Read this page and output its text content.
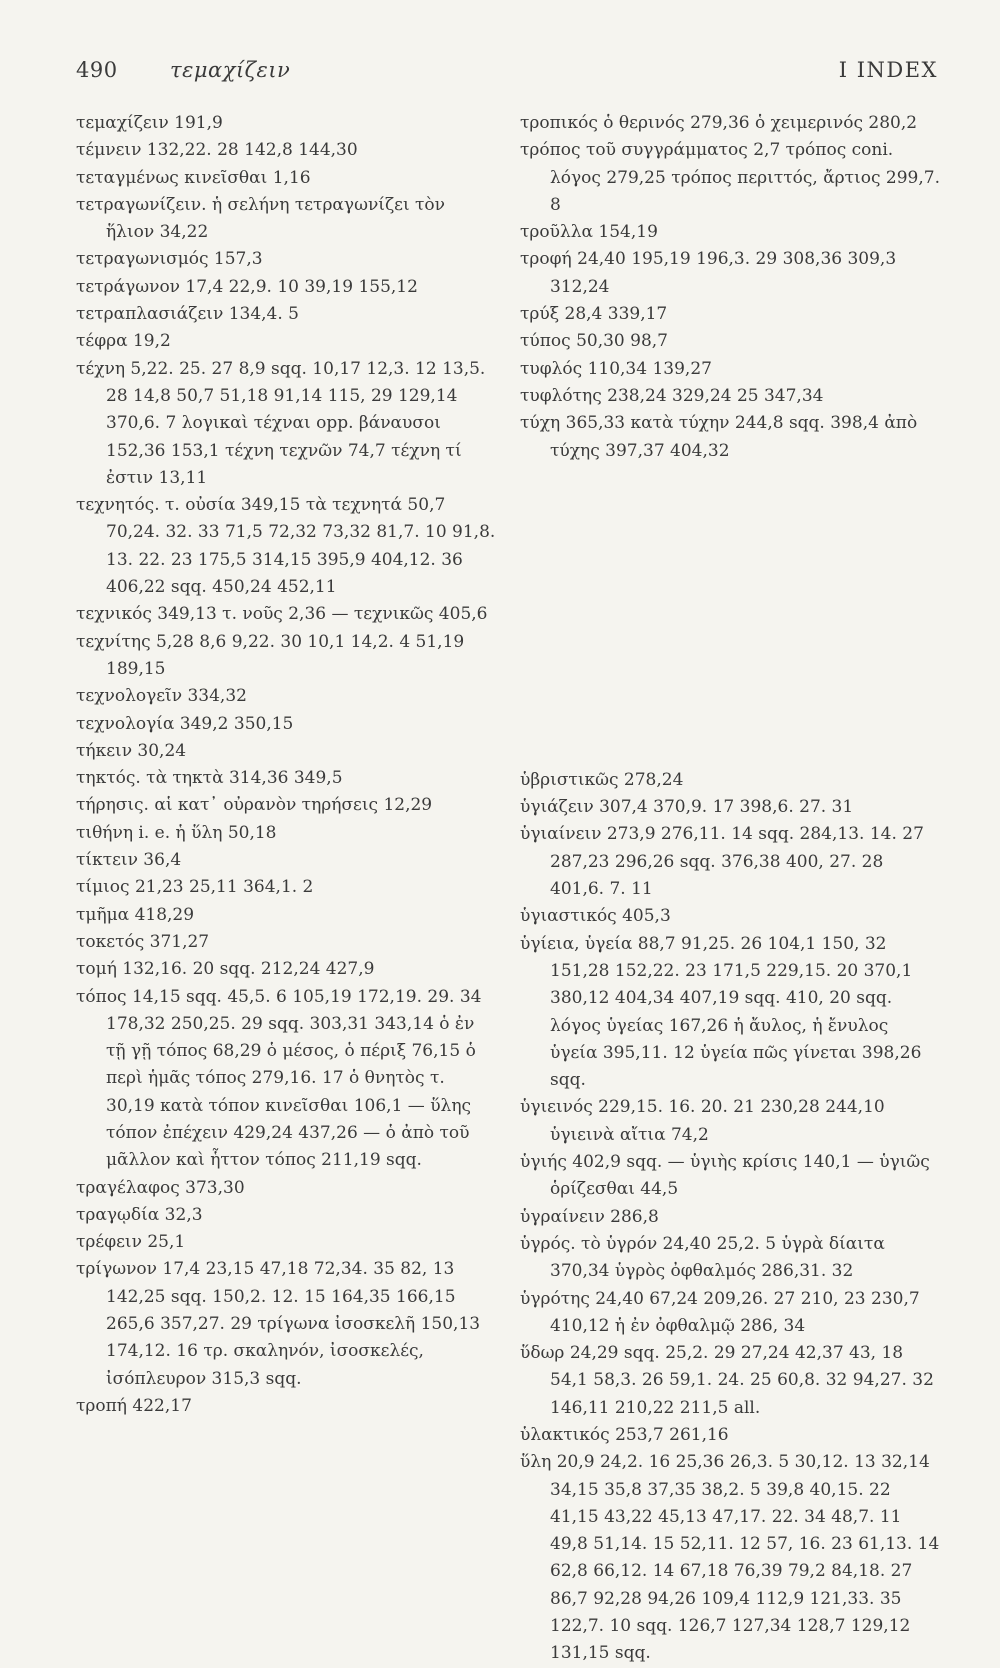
490 τεμαχίζειν	I INDEX
τεμαχίζειν 191,9
τέμνειν 132,22. 28 142,8 144,30
τεταγμένως κινεῖσθαι 1,16
τετραγωνίζειν. ἡ σελήνη τετραγωνίζει τὸν ἥλιον 34,22
τετραγωνισμός 157,3
τετράγωνον 17,4 22,9. 10 39,19 155,12
τετραπλασιάζειν 134,4. 5
τέφρα 19,2
τέχνη 5,22. 25. 27 8,9 sqq. 10,17 12,3. 12 13,5. 28 14,8 50,7 51,18 91,14 115, 29 129,14 370,6. 7 λογικαὶ τέχναι opp. βάναυσοι 152,36 153,1 τέχνη τεχνῶν 74,7 τέχνη τί ἐστιν 13,11
τεχνητός. τ. οὐσία 349,15 τὰ τεχνητά 50,7 70,24. 32. 33 71,5 72,32 73,32 81,7. 10 91,8. 13. 22. 23 175,5 314,15 395,9 404,12. 36 406,22 sqq. 450,24 452,11
τεχνικός 349,13 τ. νοῦς 2,36 — τεχνικῶς 405,6
τεχνίτης 5,28 8,6 9,22. 30 10,1 14,2. 4 51,19 189,15
τεχνολογεῖν 334,32
τεχνολογία 349,2 350,15
τήκειν 30,24
τηκτός. τὰ τηκτὰ 314,36 349,5
τήρησις. αἱ κατ᾽ οὐρανὸν τηρήσεις 12,29
τιθήνη i. e. ἡ ὕλη 50,18
τίκτειν 36,4
τίμιος 21,23 25,11 364,1. 2
τμῆμα 418,29
τοκετός 371,27
τομή 132,16. 20 sqq. 212,24 427,9
τόπος 14,15 sqq. 45,5. 6 105,19 172,19. 29. 34 178,32 250,25. 29 sqq. 303,31 343,14 ὁ ἐν τῇ γῇ τόπος 68,29 ὁ μέσος, ὁ πέριξ 76,15 ὁ περὶ ἡμᾶς τόπος 279,16. 17 ὁ θνητὸς τ. 30,19 κατὰ τόπον κινεῖσθαι 106,1 — ὕλης τόπον ἐπέχειν 429,24 437,26 — ὁ ἀπὸ τοῦ μᾶλλον καὶ ἧττον τόπος 211,19 sqq.
τραγέλαφος 373,30
τραγῳδία 32,3
τρέφειν 25,1
τρίγωνον 17,4 23,15 47,18 72,34. 35 82, 13 142,25 sqq. 150,2. 12. 15 164,35 166,15 265,6 357,27. 29 τρίγωνα ἰσοσκελῆ 150,13 174,12. 16 τρ. σκαληνόν, ἰσοσκελές, ἰσόπλευρον 315,3 sqq.
τροπή 422,17
τροπικός ὁ θερινός 279,36 ὁ χειμερινός 280,2
τρόπος τοῦ συγγράμματος 2,7 τρόπος coni. λόγος 279,25 τρόπος περιττός, ἄρτιος 299,7. 8
τροῦλλα 154,19
τροφή 24,40 195,19 196,3. 29 308,36 309,3 312,24
τρύξ 28,4 339,17
τύπος 50,30 98,7
τυφλός 110,34 139,27
τυφλότης 238,24 329,24 25 347,34
τύχη 365,33 κατὰ τύχην 244,8 sqq. 398,4 ἀπὸ τύχης 397,37 404,32
ὑβριστικῶς 278,24
ὑγιάζειν 307,4 370,9. 17 398,6. 27. 31
ὑγιαίνειν 273,9 276,11. 14 sqq. 284,13. 14. 27 287,23 296,26 sqq. 376,38 400, 27. 28 401,6. 7. 11
ὑγιαστικός 405,3
ὑγίεια, ὑγεία 88,7 91,25. 26 104,1 150, 32 151,28 152,22. 23 171,5 229,15. 20 370,1 380,12 404,34 407,19 sqq. 410, 20 sqq. λόγος ὑγείας 167,26 ἡ ἄυλος, ἡ ἔνυλος ὑγεία 395,11. 12 ὑγεία πῶς γίνεται 398,26 sqq.
ὑγιεινός 229,15. 16. 20. 21 230,28 244,10 ὑγιεινὰ αἴτια 74,2
ὑγιής 402,9 sqq. — ὑγιὴς κρίσις 140,1 — ὑγιῶς ὁρίζεσθαι 44,5
ὑγραίνειν 286,8
ὑγρός. τὸ ὑγρόν 24,40 25,2. 5 ὑγρὰ δίαιτα 370,34 ὑγρὸς ὀφθαλμός 286,31. 32
ὑγρότης 24,40 67,24 209,26. 27 210, 23 230,7 410,12 ἡ ἐν ὀφθαλμῷ 286, 34
ὕδωρ 24,29 sqq. 25,2. 29 27,24 42,37 43, 18 54,1 58,3. 26 59,1. 24. 25 60,8. 32 94,27. 32 146,11 210,22 211,5 all.
ὑλακτικός 253,7 261,16
ὕλη 20,9 24,2. 16 25,36 26,3. 5 30,12. 13 32,14 34,15 35,8 37,35 38,2. 5 39,8 40,15. 22 41,15 43,22 45,13 47,17. 22. 34 48,7. 11 49,8 51,14. 15 52,11. 12 57, 16. 23 61,13. 14 62,8 66,12. 14 67,18 76,39 79,2 84,18. 27 86,7 92,28 94,26 109,4 112,9 121,33. 35 122,7. 10 sqq. 126,7 127,34 128,7 129,12 131,15 sqq.
